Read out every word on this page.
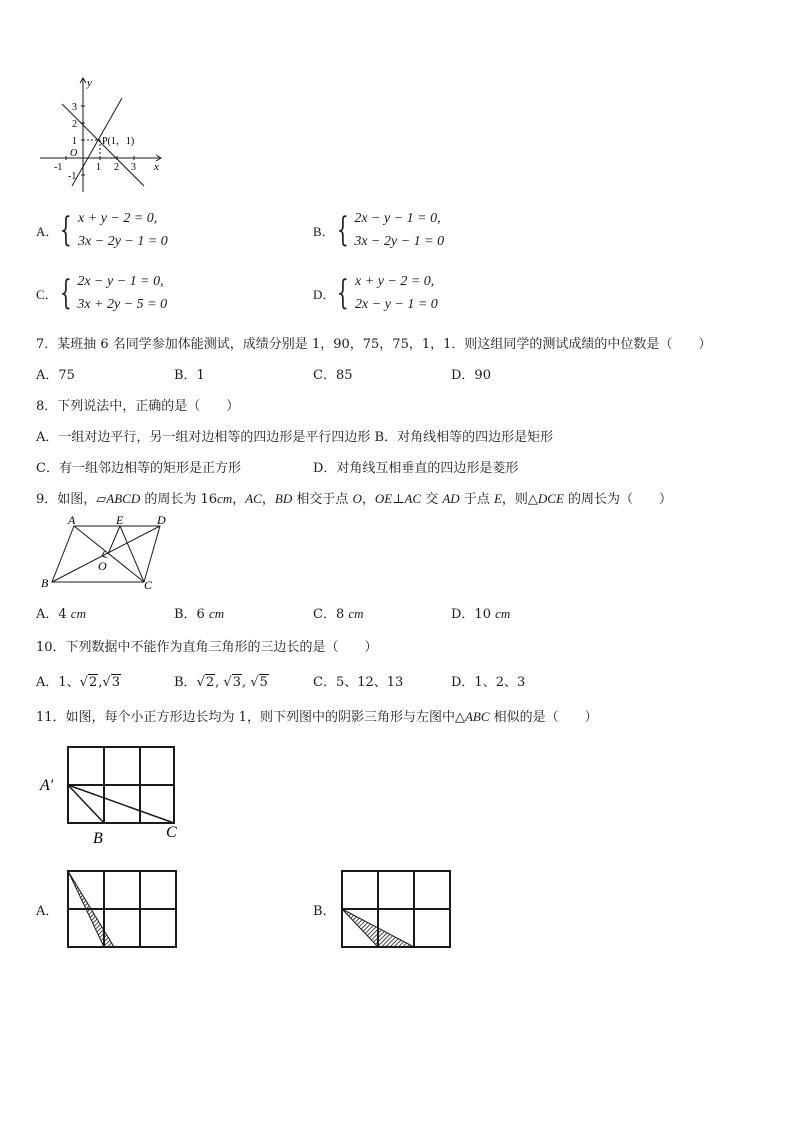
y
x
O
P(1，1)
3
2
1
-1
-1	1 2 3
A． { x + y − 2 = 0,
3x − 2y − 1 = 0
B． { 2x − y − 1 = 0,
3x − 2y − 1 = 0
C． { 2x − y − 1 = 0,
3x + 2y − 5 = 0
D． { x + y − 2 = 0,
2x − y − 1 = 0
7．某班抽 6 名同学参加体能测试，成绩分别是 1，90，75，75，1，1．则这组同学的测试成绩的中位数是（　　）
A．75	B．1	C．85	D．90
8．下列说法中，正确的是（　　）
A．一组对边平行，另一组对边相等的四边形是平行四边形 B．对角线相等的四边形是矩形
C．有一组邻边相等的矩形是正方形	D．对角线互相垂直的四边形是菱形
9．如图，▱ABCD 的周长为 16cm，AC，BD 相交于点 O，OE⊥AC 交 AD 于点 E，则△DCE 的周长为（　　）
A	E	D
O
B	C
A．4 cm	B．6 cm	C．8 cm	D．10 cm
10．下列数据中不能作为直角三角形的三边长的是（　　）
A．1、√2,√3	B．√2, √3, √5	C．5、12、13	D．1、2、3
11．如图，每个小正方形边长均为 1，则下列图中的阴影三角形与左图中△ABC 相似的是（　　）
A′
B	C
A．	B．
